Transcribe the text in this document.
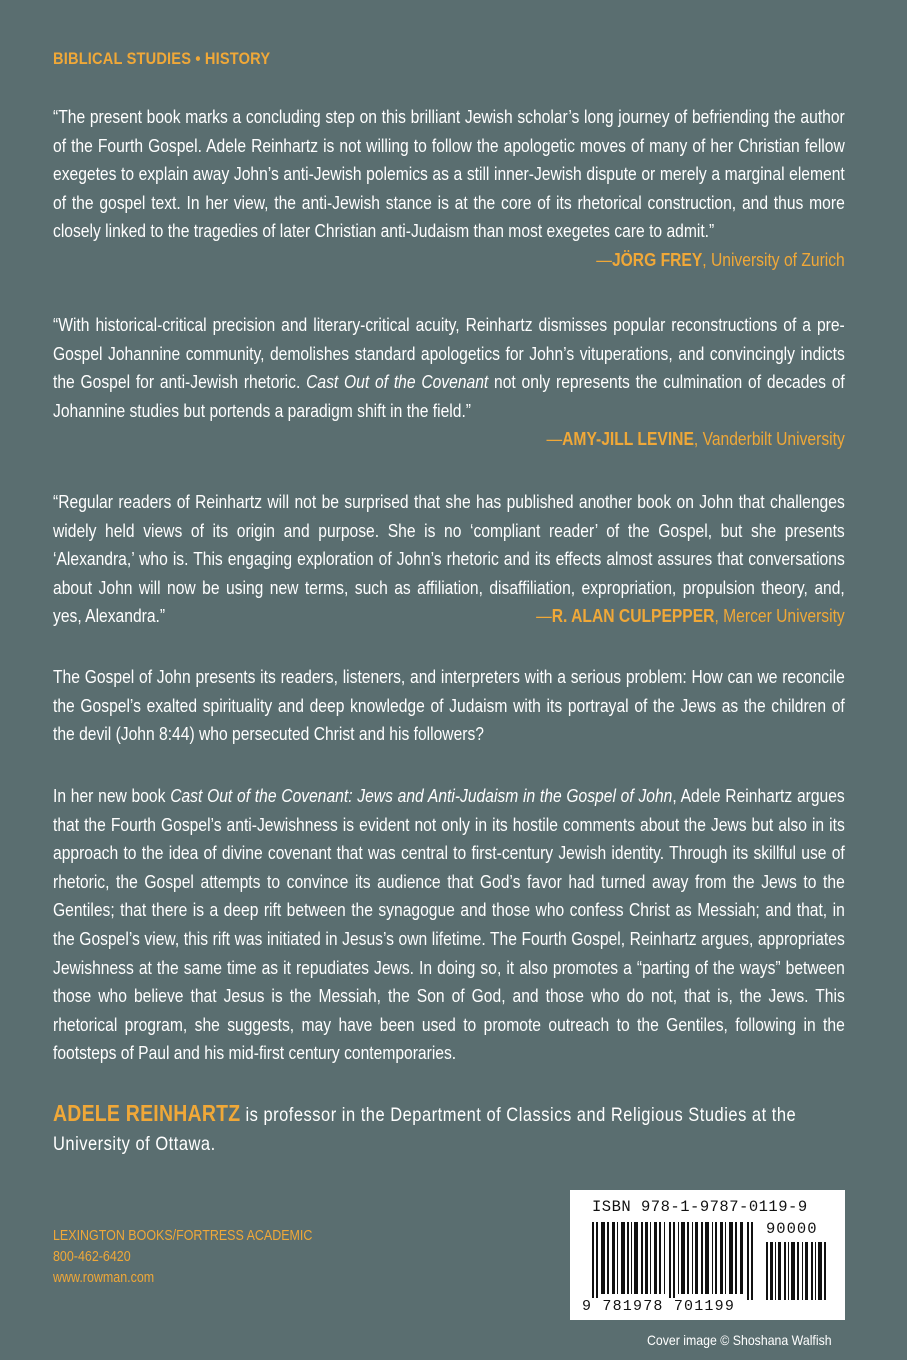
BIBLICAL STUDIES • HISTORY
“The present book marks a concluding step on this brilliant Jewish scholar’s long journey of befriending the author of the Fourth Gospel. Adele Reinhartz is not willing to follow the apologetic moves of many of her Christian fellow exegetes to explain away John’s anti-Jewish polemics as a still inner-Jewish dispute or merely a marginal element of the gospel text. In her view, the anti-Jewish stance is at the core of its rhetorical construction, and thus more closely linked to the tragedies of later Christian anti-Judaism than most exegetes care to admit.”
—JÖRG FREY, University of Zurich
“With historical-critical precision and literary-critical acuity, Reinhartz dismisses popular reconstructions of a pre-Gospel Johannine community, demolishes standard apologetics for John’s vituperations, and convincingly indicts the Gospel for anti-Jewish rhetoric. Cast Out of the Covenant not only represents the culmination of decades of Johannine studies but portends a paradigm shift in the field.”
—AMY-JILL LEVINE, Vanderbilt University
“Regular readers of Reinhartz will not be surprised that she has published another book on John that challenges widely held views of its origin and purpose. She is no ‘compliant reader’ of the Gospel, but she presents ‘Alexandra,’ who is. This engaging exploration of John’s rhetoric and its effects almost assures that conversations about John will now be using new terms, such as affiliation, disaffiliation, expropriation, propulsion theory, and, yes, Alexandra.”	—R. ALAN CULPEPPER, Mercer University
The Gospel of John presents its readers, listeners, and interpreters with a serious problem: How can we reconcile the Gospel’s exalted spirituality and deep knowledge of Judaism with its portrayal of the Jews as the children of the devil (John 8:44) who persecuted Christ and his followers?
In her new book Cast Out of the Covenant: Jews and Anti-Judaism in the Gospel of John, Adele Reinhartz argues that the Fourth Gospel’s anti-Jewishness is evident not only in its hostile comments about the Jews but also in its approach to the idea of divine covenant that was central to first-century Jewish identity. Through its skillful use of rhetoric, the Gospel attempts to convince its audience that God’s favor had turned away from the Jews to the Gentiles; that there is a deep rift between the synagogue and those who confess Christ as Messiah; and that, in the Gospel’s view, this rift was initiated in Jesus’s own lifetime. The Fourth Gospel, Reinhartz argues, appropriates Jewishness at the same time as it repudiates Jews. In doing so, it also promotes a “parting of the ways” between those who believe that Jesus is the Messiah, the Son of God, and those who do not, that is, the Jews. This rhetorical program, she suggests, may have been used to promote outreach to the Gentiles, following in the footsteps of Paul and his mid-first century contemporaries.
ADELE REINHARTZ is professor in the Department of Classics and Religious Studies at the University of Ottawa.
LEXINGTON BOOKS/FORTRESS ACADEMIC
800-462-6420
www.rowman.com
ISBN 978-1-9787-0119-9
90000
9 781978 701199
Cover image © Shoshana Walfish
